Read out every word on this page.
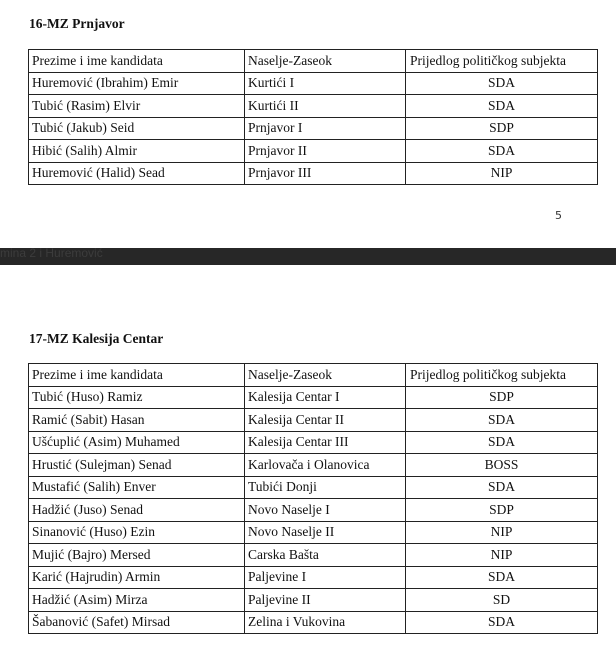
16-MZ Prnjavor
Prezime i ime kandidata	Naselje-Zaseok	Prijedlog političkog subjekta
Huremović (Ibrahim) Emir	Kurtići I	SDA
Tubić (Rasim) Elvir	Kurtići II	SDA
Tubić (Jakub) Seid	Prnjavor I	SDP
Hibić (Salih) Almir	Prnjavor II	SDA
Huremović (Halid) Sead	Prnjavor III	NIP
5
mina 2 i Huremović
17-MZ Kalesija Centar
Prezime i ime kandidata	Naselje-Zaseok	Prijedlog političkog subjekta
Tubić (Huso) Ramiz	Kalesija Centar I	SDP
Ramić (Sabit) Hasan	Kalesija Centar II	SDA
Ušćuplić (Asim) Muhamed	Kalesija Centar III	SDA
Hrustić (Sulejman) Senad	Karlovača i Olanovica	BOSS
Mustafić (Salih) Enver	Tubići Donji	SDA
Hadžić (Juso) Senad	Novo Naselje I	SDP
Sinanović (Huso) Ezin	Novo Naselje II	NIP
Mujić (Bajro) Mersed	Carska Bašta	NIP
Karić (Hajrudin) Armin	Paljevine I	SDA
Hadžić (Asim) Mirza	Paljevine II	SD
Šabanović (Safet) Mirsad	Zelina i Vukovina	SDA
